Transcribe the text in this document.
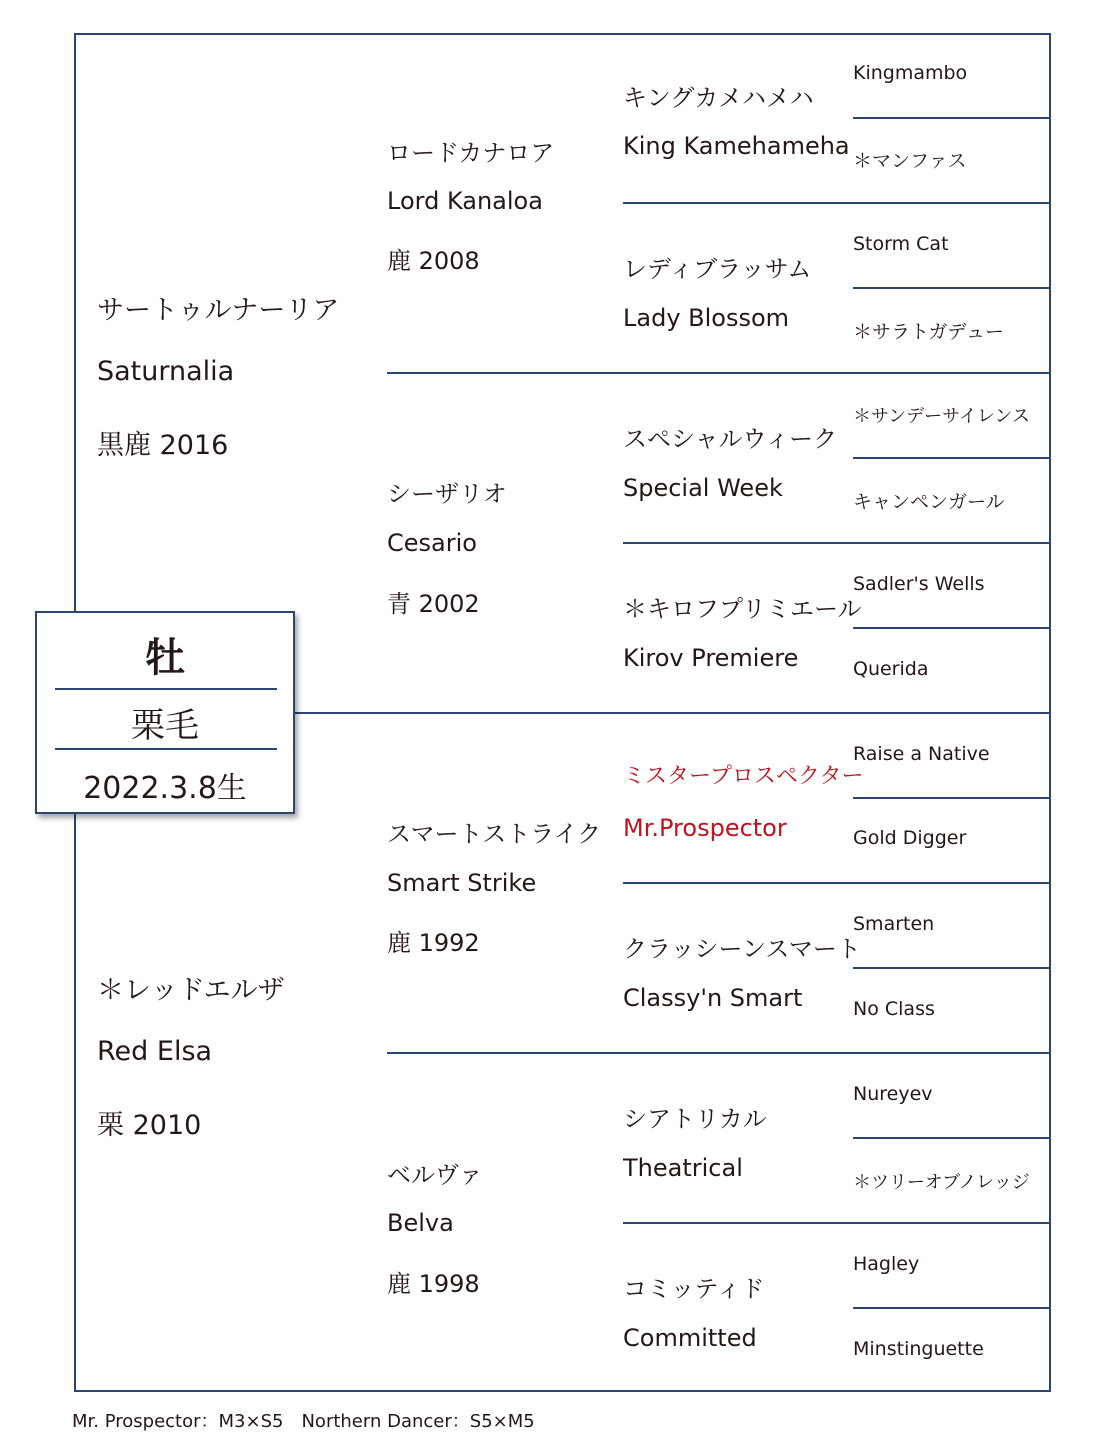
サートゥルナーリア
Saturnalia
黒鹿 2016
＊レッドエルザ
Red Elsa
栗 2010
ロードカナロア
Lord Kanaloa
鹿 2008
シーザリオ
Cesario
青 2002
スマートストライク
Smart Strike
鹿 1992
ベルヴァ
Belva
鹿 1998
キングカメハメハ
King Kamehameha
レディブラッサム
Lady Blossom
スペシャルウィーク
Special Week
＊キロフプリミエール
Kirov Premiere
ミスタープロスペクター
Mr.Prospector
クラッシーンスマート
Classy'n Smart
シアトリカル
Theatrical
コミッティド
Committed
Kingmambo
＊マンファス
Storm Cat
＊サラトガデュー
＊サンデーサイレンス
キャンペンガール
Sadler's Wells
Querida
Raise a Native
Gold Digger
Smarten
No Class
Nureyev
＊ツリーオブノレッジ
Hagley
Minstinguette
牡
栗毛
2022.3.8生
Mr. Prospector：M3×S5　Northern Dancer：S5×M5
